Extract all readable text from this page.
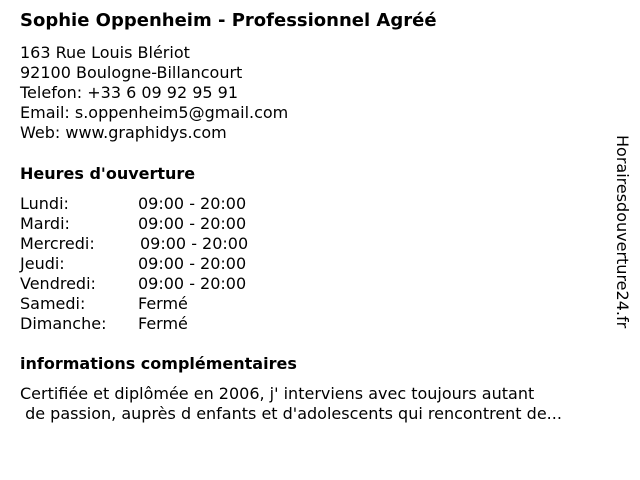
Sophie Oppenheim - Professionnel Agréé
163 Rue Louis Blériot
92100 Boulogne-Billancourt
Telefon: +33 6 09 92 95 91
Email: s.oppenheim5@gmail.com
Web: www.graphidys.com
Heures d'ouverture
Lundi:	09:00 - 20:00
Mardi:	09:00 - 20:00
Mercredi:	09:00 - 20:00
Jeudi:	09:00 - 20:00
Vendredi:	09:00 - 20:00
Samedi:	Fermé
Dimanche: Fermé
informations complémentaires
Certifiée et diplômée en 2006, j' interviens avec toujours autant
de passion, auprès d enfants et d'adolescents qui rencontrent de...
Horairesdouverture24.fr
